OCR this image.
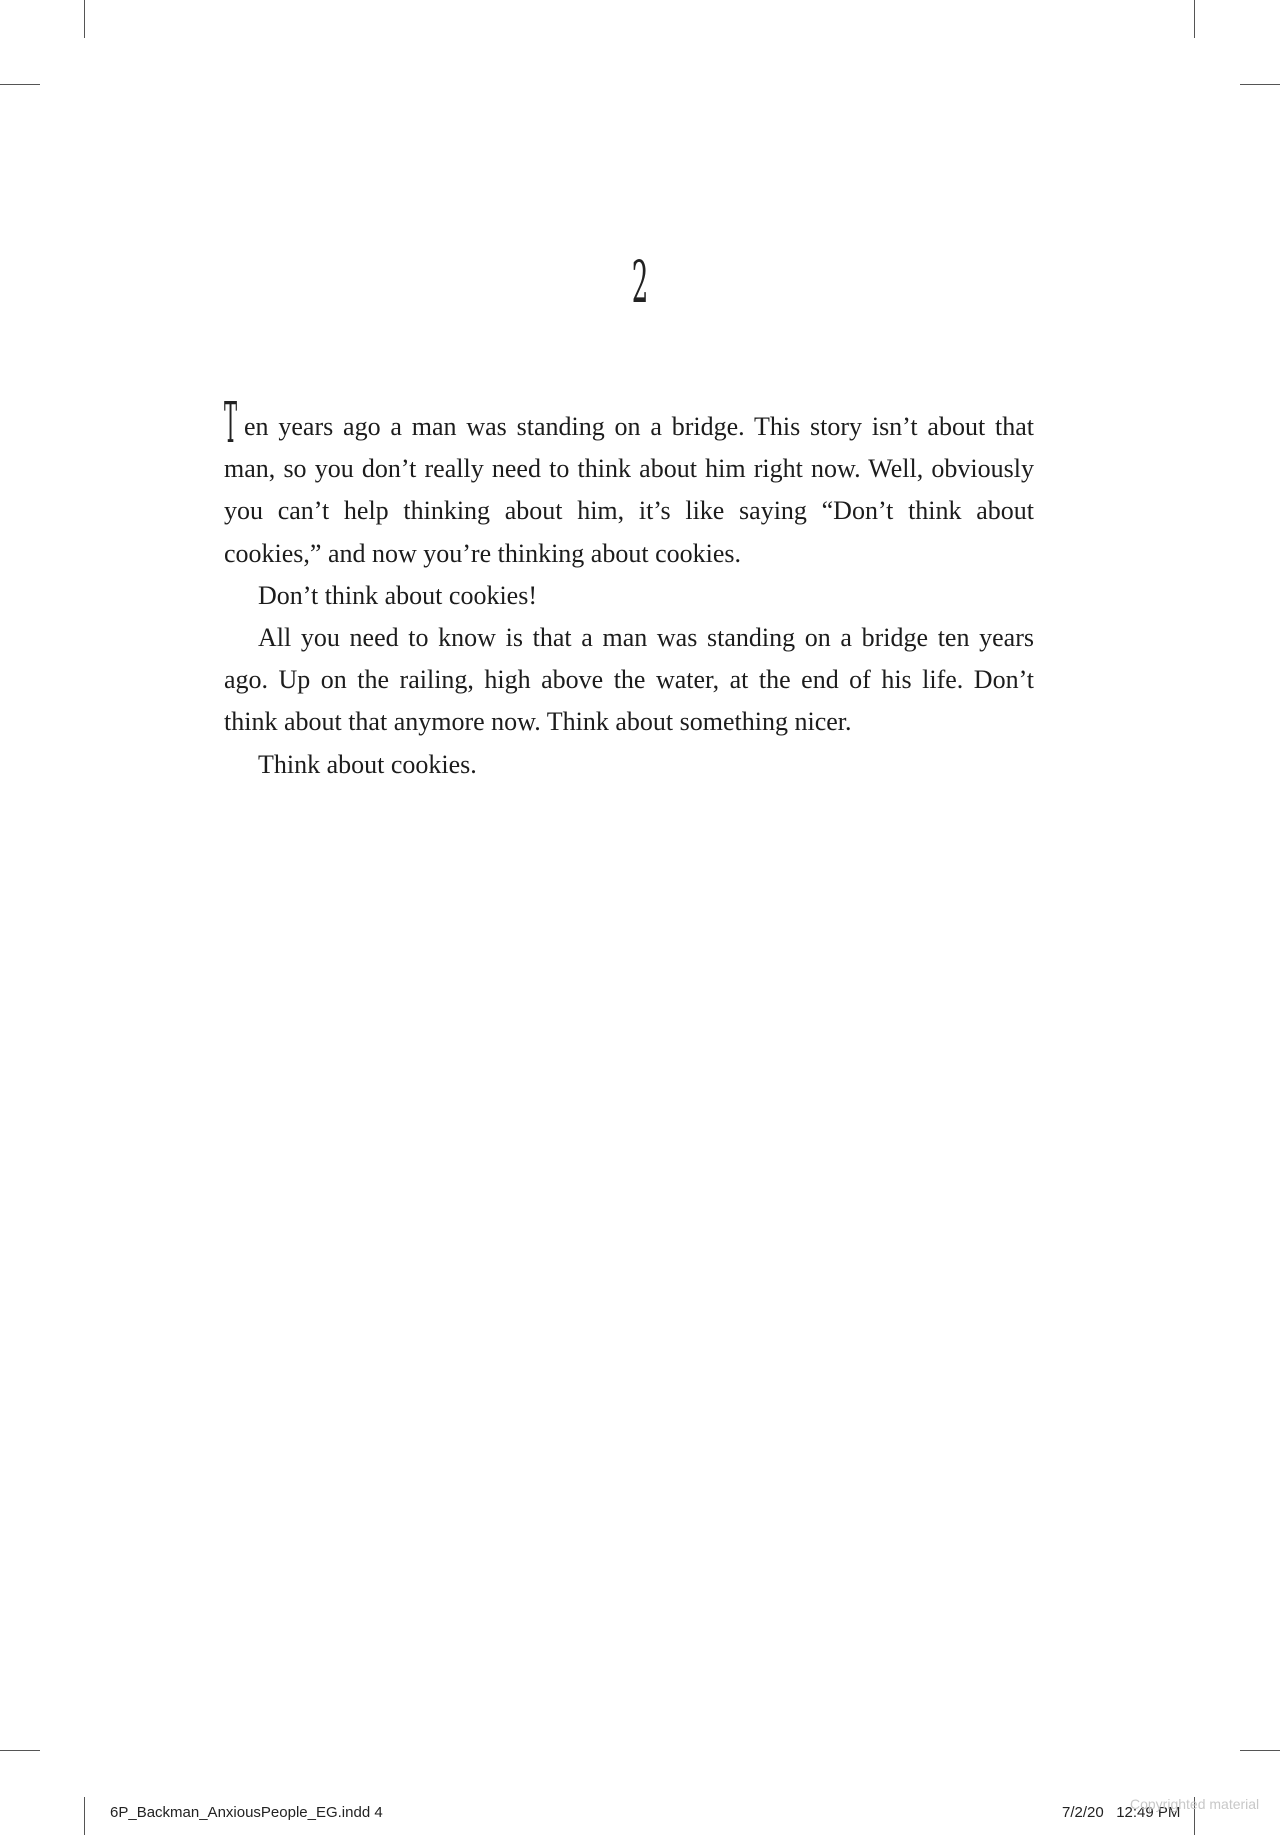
2

Ten years ago a man was standing on a bridge. This story isn’t about that man, so you don’t really need to think about him right now. Well, obviously you can’t help thinking about him, it’s like saying “Don’t think about cookies,” and now you’re thinking about cookies.

Don’t think about cookies!

All you need to know is that a man was standing on a bridge ten years ago. Up on the railing, high above the water, at the end of his life. Don’t think about that anymore now. Think about something nicer.

Think about cookies.

6P_Backman_AnxiousPeople_EG.indd 4	7/2/20   12:49 PM
Copyrighted material
